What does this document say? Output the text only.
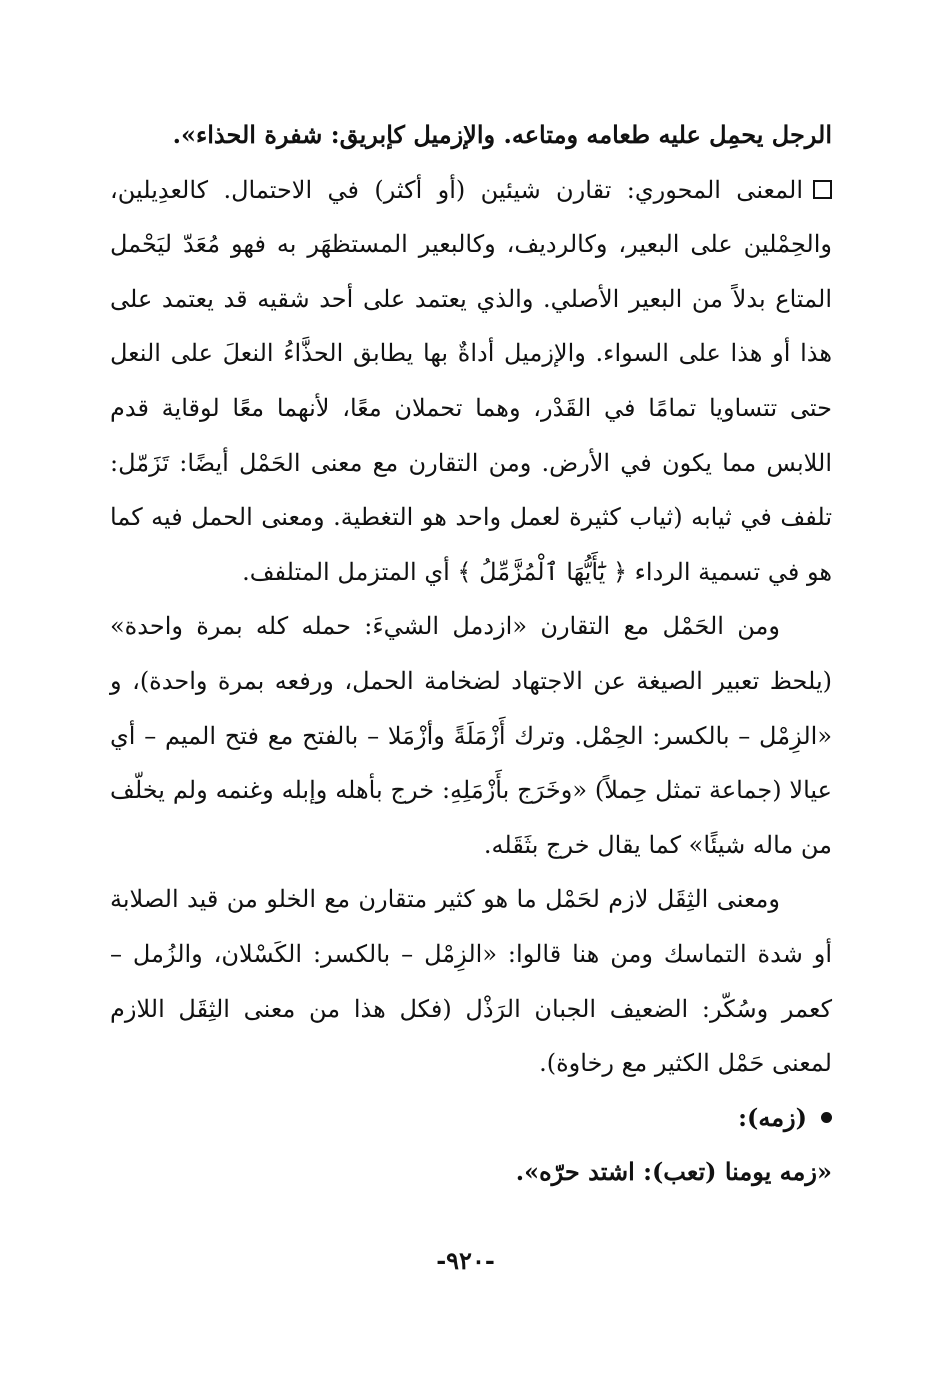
الرجل يحمِل عليه طعامه ومتاعه. والإزميل كإبريق: شفرة الحذاء».

المعنى المحوري: تقارن شيئين (أو أكثر) في الاحتمال. كالعدِيلين، والحِمْلين على البعير، وكالرديف، وكالبعير المستظهَر به فهو مُعَدّ ليَحْمل المتاع بدلاً من البعير الأصلي. والذي يعتمد على أحد شقيه قد يعتمد على هذا أو هذا على السواء. والإزميل أداةٌ بها يطابق الحذَّاءُ النعلَ على النعل حتى تتساويا تمامًا في القَدْر، وهما تحملان معًا، لأنهما معًا لوقاية قدم اللابس مما يكون في الأرض. ومن التقارن مع معنى الحَمْل أيضًا: تَزَمّل: تلفف في ثيابه (ثياب كثيرة لعمل واحد هو التغطية. ومعنى الحمل فيه كما هو في تسمية الرداء ﴿ يَٰٓأَيُّهَا ٱلْمُزَّمِّلُ ﴾ أي المتزمل المتلفف.

ومن الحَمْل مع التقارن «ازدمل الشيءَ: حمله كله بمرة واحدة» (يلحظ تعبير الصيغة عن الاجتهاد لضخامة الحمل، ورفعه بمرة واحدة)، و «الزِمْل – بالكسر: الحِمْل. وترك أَزْمَلَةً وأزْمَلا – بالفتح مع فتح الميم – أي عيالا (جماعة تمثل حِملاً) «وخَرَج بأَزْمَلِهِ: خرج بأهله وإبله وغنمه ولم يخلّف من ماله شيئًا» كما يقال خرج بثَقَله.

ومعنى الثِقَل لازم لحَمْل ما هو كثير متقارن مع الخلو من قيد الصلابة أو شدة التماسك ومن هنا قالوا: «الزِمْل – بالكسر: الكَسْلان، والزُمل – كعمر وسُكّر: الضعيف الجبان الرَذْل (فكل هذا من معنى الثِقَل اللازم لمعنى حَمْل الكثير مع رخاوة).

(زمه):

«زمه يومنا (تعب): اشتد حرّه».

-٩٢٠-
